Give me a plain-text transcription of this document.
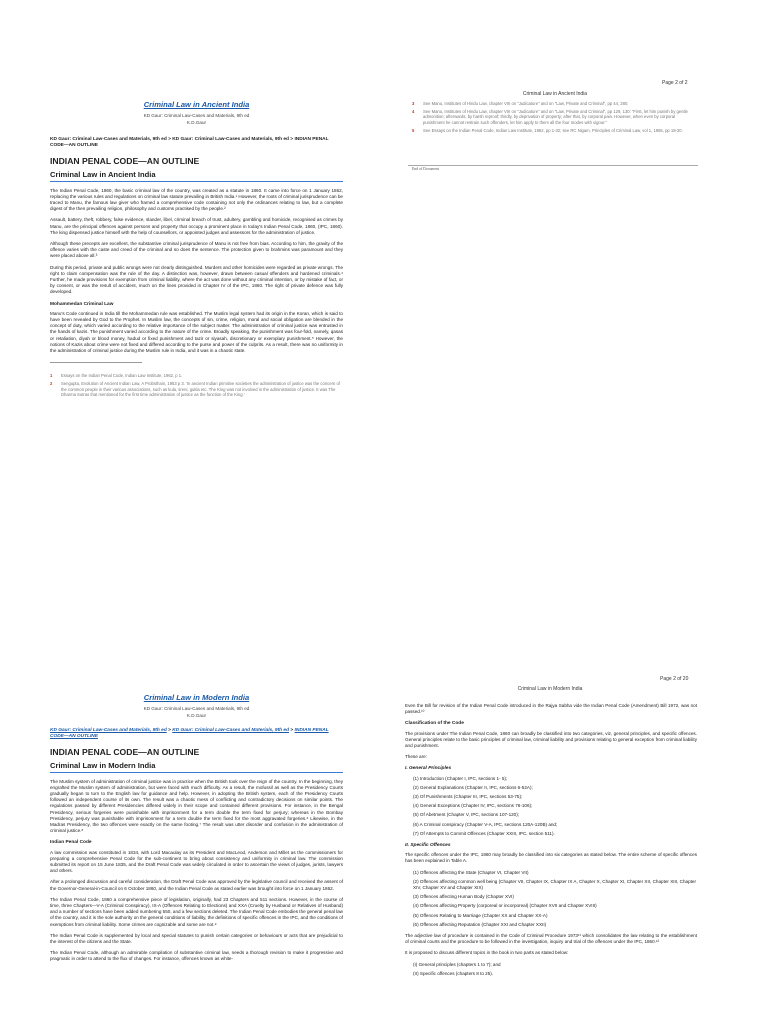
Page 2 of 2
Criminal Law in Ancient India
Criminal Law in Ancient India
KD Gaur: Criminal Law-Cases and Materials, 9th ed
K.D.Gaur
KD Gaur: Criminal Law-Cases and Materials, 9th ed > KD Gaur: Criminal Law-Cases and Materials, 9th ed > INDIAN PENAL CODE—AN OUTLINE
INDIAN PENAL CODE—AN OUTLINE
Criminal Law in Ancient India

The Indian Penal Code, 1860, the basic criminal law of the country, was created as a statute in 1860. It came into force on 1 January 1862, replacing the various rules and regulations on criminal law statute prevailing in British India.¹ However, the roots of criminal jurisprudence can be traced to Manu, the famous law giver who framed a comprehensive code containing not only the ordinances relating to law, but a complete digest of the then prevailing religion, philosophy and customs practised by the people.²

Assault, battery, theft, robbery, false evidence, slander, libel, criminal breach of trust, adultery, gambling and homicide, recognised as crimes by Manu, are the principal offences against persons and property that occupy a prominent place in today's Indian Penal Code, 1860, (IPC, 1860). The king dispensed justice himself with the help of counsellors, or appointed judges and assessors for the administration of justice.

Although these precepts are excellent, the substantive criminal jurisprudence of Manu is not free from bias. According to him, the gravity of the offence varies with the caste and creed of the criminal and so does the sentence. The protection given to brahmins was paramount and they were placed above all.³

During this period, private and public wrongs were not clearly distinguished. Murders and other homicides were regarded as private wrongs. The right to claim compensation was the rule of the day. A distinction was, however, drawn between casual offenders and hardened criminals.⁴ Further, he made provisions for exemption from criminal liability, where the act was done without any criminal intention, or by mistake of fact, or by consent, or was the result of accident, much on the lines provided in Chapter IV of the IPC, 1860. The right of private defence was fully developed.

Mohammedan Criminal Law

Manu's Code continued in India till the Mohammedan rule was established. The Muslim legal system had its origin in the Koran, which is said to have been revealed by God to the Prophet. In Muslim law, the concepts of sin, crime, religion, moral and social obligation are blended in the concept of duty, which varied according to the relative importance of the subject matter. The administration of criminal justice was entrusted in the hands of kazis. The punishment varied according to the nature of the crime. Broadly speaking, the punishment was four-fold, namely, qasas or retaliation, diyah or blood money, hadud or fixed punishment and tazir or siyasah, discretionary or exemplary punishment.⁵ However, the notions of Kazis about crime were not fixed and differed according to the purse and power of the culprits. As a result, there was no uniformity in the administration of criminal justice during the Muslim rule in India, and it was in a chaotic state.

1	Essays on the Indian Penal Code, Indian Law Institute, 1962, p 1.
2	Sengupta, Evolution of Ancient Indian Law, A Probsthain, 1953 p 3. 'In ancient Indian primitive societies the administration of justice was the concern of the common people in their various associations, such as kula, sreni, gukla etc. The King was not involved in the administration of justice. It was The Dharma Sutras that mentioned for the first time administration of justice as the function of the King.'
3	See Manu, Institutes of Hindu Law, chapter VIII on "Judicature" and on "Law, Private and Criminal", pp 44, 280.
4	See Manu, Institutes of Hindu Law, chapter VIII on "Judicature" and on "Law, Private and Criminal", pp 129, 130: "First, let him punish by gentle admonition; afterwards, by harsh reproof; thirdly, by deprivation of property; after that, by corporal pain. However, when even by corporal punishment he cannot restrain such offenders, let him apply to them all the four modes with vigour."
5	See Essays on the Indian Penal Code, Indian Law Institute, 1962, pp 1-32; see RC Nigam, Principles of Criminal Law, vol 1, 1965, pp 18-20.
End of Document
Page 2 of 20
Criminal Law in Modern India
Criminal Law in Modern India
KD Gaur: Criminal Law-Cases and Materials, 9th ed
K.D.Gaur
KD Gaur: Criminal Law-Cases and Materials, 9th ed > KD Gaur: Criminal Law-Cases and Materials, 9th ed > INDIAN PENAL CODE—AN OUTLINE
INDIAN PENAL CODE—AN OUTLINE
Criminal Law in Modern India

The Muslim system of administration of criminal justice was in practice when the British took over the reign of the country. In the beginning, they engrafted the Muslim system of administration, but were faced with much difficulty. As a result, the mofussil as well as the Presidency Courts gradually began to turn to the English law for guidance and help. However, in adopting the British system, each of the Presidency Courts followed an independent course of its own. The result was a chaotic mess of conflicting and contradictory decisions on similar points. The regulations passed by different Presidencies differed widely in their scope and contained different provisions. For instance, in the Bengal Presidency, serious forgeries were punishable with imprisonment for a term double the term fixed for perjury; whereas in the Bombay Presidency, perjury was punishable with imprisonment for a term double the term fixed for the most aggravated forgeries.⁶ Likewise, in the Madras Presidency, the two offences were exactly on the same footing.⁷ The result was utter disorder and confusion in the administration of criminal justice.⁸

Indian Penal Code

A law commission was constituted in 1834, with Lord Macaulay as its President and MacLeod, Anderson and Millet as the commissioners for preparing a comprehensive Penal Code for the sub-continent to bring about consistency and uniformity in criminal law. The commission submitted its report on 15 June 1835, and the Draft Penal Code was widely circulated in order to ascertain the views of judges, jurists, lawyers and others.

After a prolonged discussion and careful consideration, the Draft Penal Code was approved by the legislative council and received the assent of the Governor-General-in-Council on 6 October 1860, and the Indian Penal Code as stated earlier was brought into force on 1 January 1862.

The Indian Penal Code, 1860 a comprehensive piece of legislation, originally, had 23 Chapters and 511 sections. However, in the course of time, three Chapters—V-A (Criminal Conspiracy), IX-A (Offences Relating to Elections) and XXA (Cruelty by Husband or Relatives of Husband) and a number of sections have been added numbering 550, and a few sections deleted. The Indian Penal Code embodies the general penal law of the country, and it is the sole authority on the general conditions of liability, the definitions of specific offences in the IPC, and the conditions of exemptions from criminal liability. Some crimes are cognizable and some are not.⁹

The Indian Penal Code is supplemented by local and special statutes to punish certain categories or behaviours or acts that are prejudicial to the interest of the citizens and the State.

The Indian Penal Code, although an admirable compilation of substantive criminal law, needs a thorough revision to make it progressive and pragmatic in order to attend to the flux of changes. For instance, offences known as white-

Even the Bill for revision of the Indian Penal Code introduced in the Rajya Sabha vide the Indian Penal Code (Amendment) Bill 1972, was not passed.¹⁰

Classification of the Code

The provisions under The Indian Penal Code, 1860 can broadly be classified into two categories, viz, general principles, and specific offences. General principles relate to the basic principles of criminal law, criminal liability and provisions relating to general exception from criminal liability and punishment.

These are:

I. General Principles
(1) Introduction (Chapter I, IPC, sections 1- 5);
(2) General Explanations (Chapter II, IPC, sections 6-52A);
(3) Of Punishments (Chapter III, IPC, sections 53-75);
(4) General Exceptions (Chapter IV, IPC, sections 76-106);
(5) Of Abetment (Chapter V, IPC, sections 107-120);
(6) A Criminal conspiracy (Chapter V-A, IPC, sections 120A-120B) and;
(7) Of Attempts to Commit Offences (Chapter XXIII, IPC, section 511).
II. Specific Offences

The specific offences under the IPC, 1860 may broadly be classified into six categories as stated below. The entire scheme of specific offences has been explained in Table A.

(1) Offences affecting the State (Chapter VI, Chapter VII)
(2) Offences affecting common well being (Chapter VII, Chapter IX, Chapter IX A, Chapter X, Chapter XI, Chapter XII, Chapter XIII, Chapter XIV, Chapter XV and Chapter XIX)
(3) Offences affecting Human Body (Chapter XVI)
(4) Offences affecting Property (corporeal or incorporeal) (Chapter XVII and Chapter XVIII)
(5) Offences Relating to Marriage (Chapter XX and Chapter XX-A)
(6) Offences affecting Reputation (Chapter XXI and Chapter XXII)

The adjective law of procedure is contained in the Code of Criminal Procedure 1973¹¹ which consolidates the law relating to the establishment of criminal courts and the procedure to be followed in the investigation, inquiry and trial of the offences under the IPC, 1860.¹²

It is proposed to discuss different topics in the book in two parts as stated below:

(I) General principles (chapters 1 to 7); and
(II) Specific offences (chapters 8 to 25).
